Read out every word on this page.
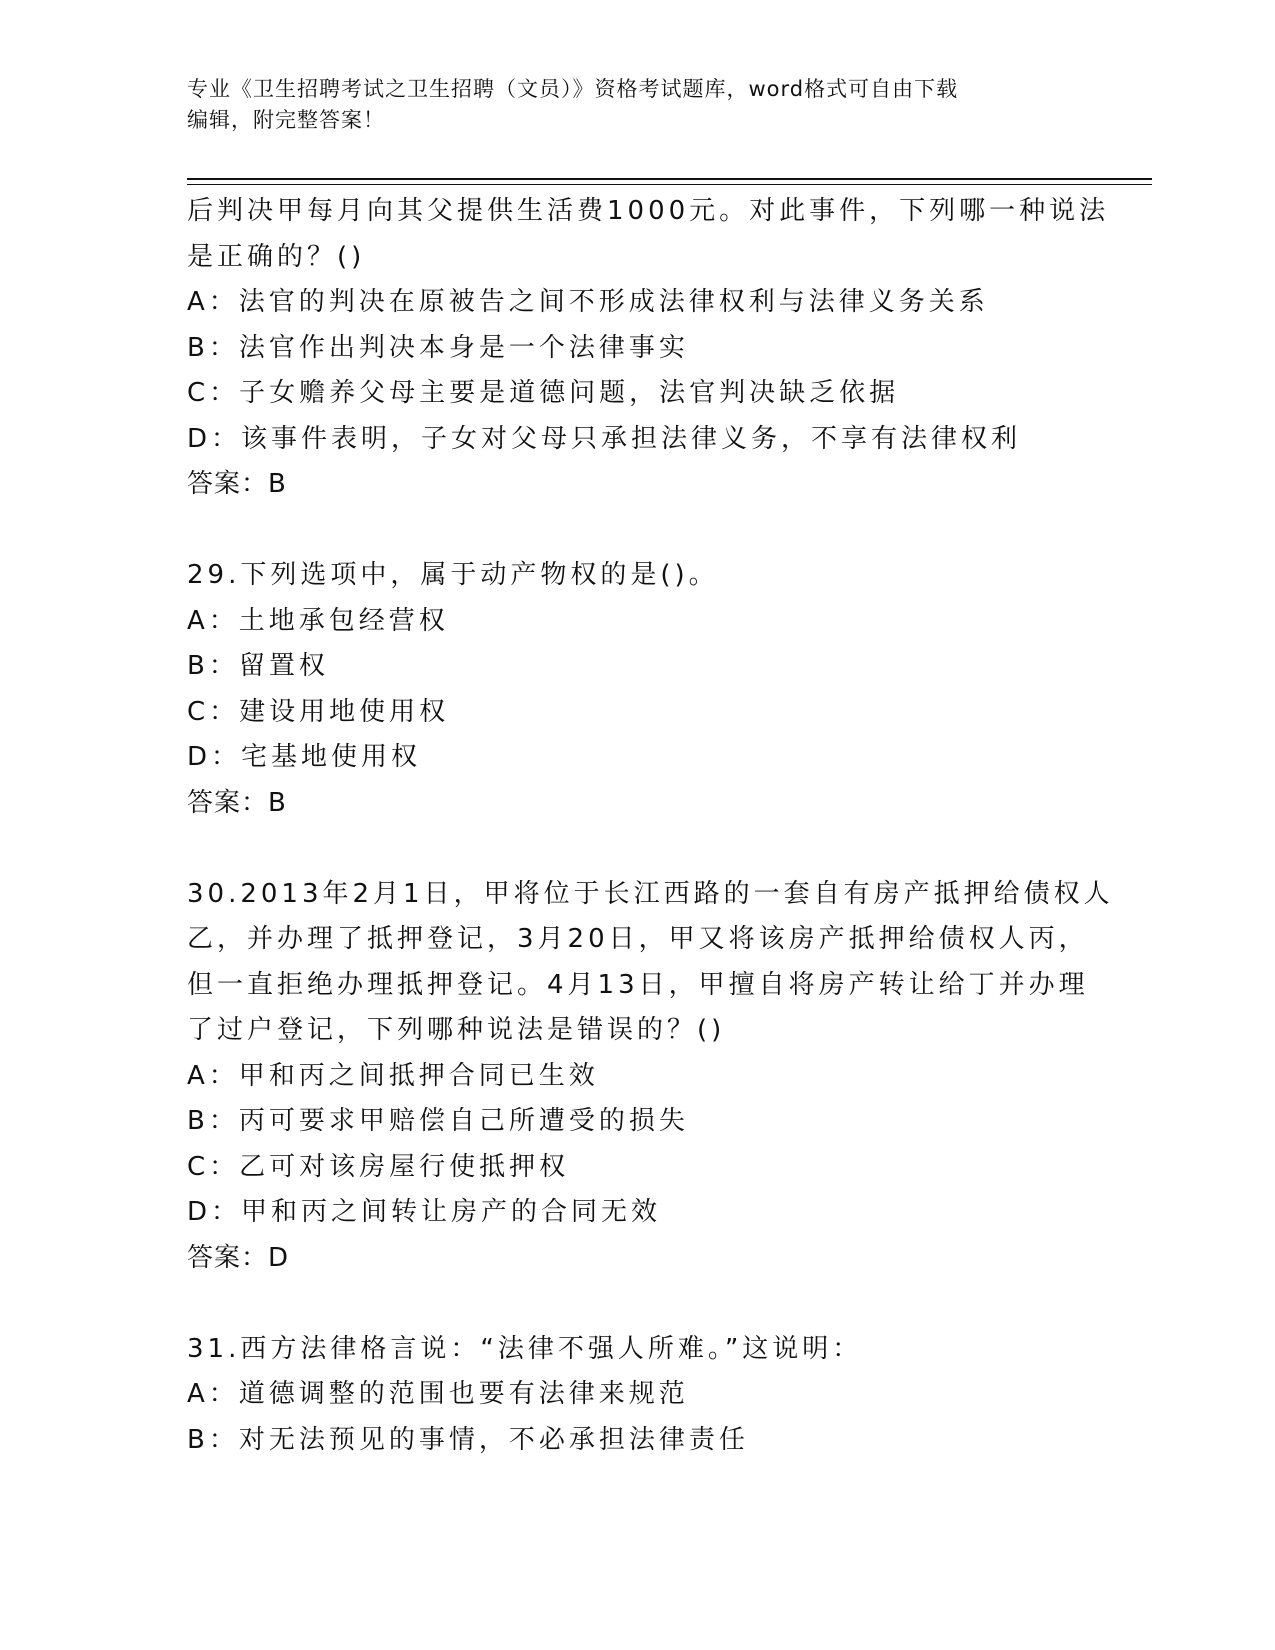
专业《卫生招聘考试之卫生招聘（文员）》资格考试题库，word格式可自由下载
编辑，附完整答案！
后判决甲每月向其父提供生活费1000元。对此事件，下列哪一种说法
是正确的？()
A：法官的判决在原被告之间不形成法律权利与法律义务关系
B：法官作出判决本身是一个法律事实
C：子女赡养父母主要是道德问题，法官判决缺乏依据
D：该事件表明，子女对父母只承担法律义务，不享有法律权利
答案：B
29.下列选项中，属于动产物权的是()。
A：土地承包经营权
B：留置权
C：建设用地使用权
D：宅基地使用权
答案：B
30.2013年2月1日，甲将位于长江西路的一套自有房产抵押给债权人
乙，并办理了抵押登记，3月20日，甲又将该房产抵押给债权人丙，
但一直拒绝办理抵押登记。4月13日，甲擅自将房产转让给丁并办理
了过户登记，下列哪种说法是错误的？()
A：甲和丙之间抵押合同已生效
B：丙可要求甲赔偿自己所遭受的损失
C：乙可对该房屋行使抵押权
D：甲和丙之间转让房产的合同无效
答案：D
31.西方法律格言说：“法律不强人所难。”这说明：
A：道德调整的范围也要有法律来规范
B：对无法预见的事情，不必承担法律责任
